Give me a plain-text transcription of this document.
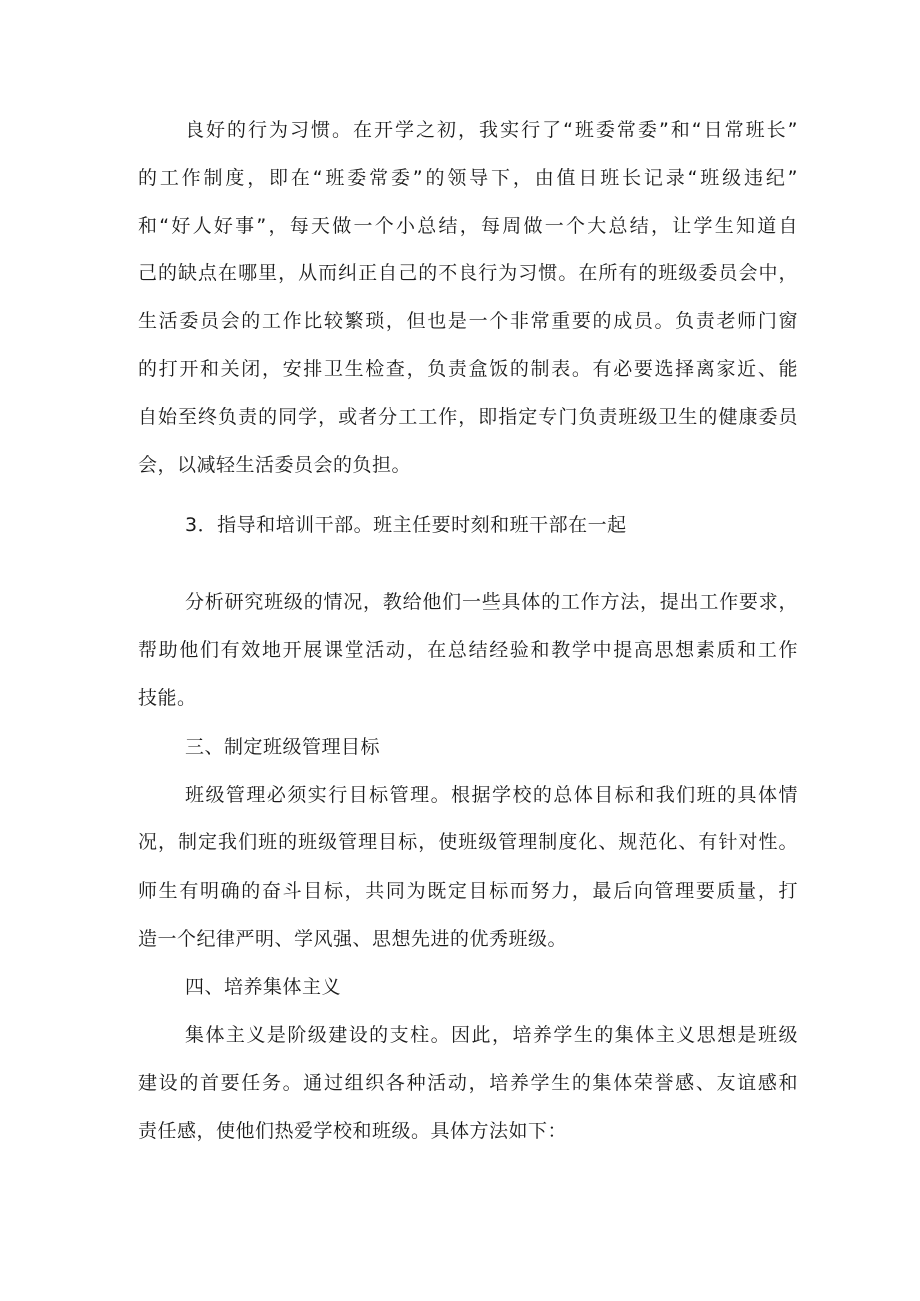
良好的行为习惯。在开学之初，我实行了“班委常委”和“日常班长”
的工作制度，即在“班委常委”的领导下，由值日班长记录“班级违纪”
和“好人好事”，每天做一个小总结，每周做一个大总结，让学生知道自
己的缺点在哪里，从而纠正自己的不良行为习惯。在所有的班级委员会中，
生活委员会的工作比较繁琐，但也是一个非常重要的成员。负责老师门窗
的打开和关闭，安排卫生检查，负责盒饭的制表。有必要选择离家近、能
自始至终负责的同学，或者分工工作，即指定专门负责班级卫生的健康委员
会，以减轻生活委员会的负担。
3．指导和培训干部。班主任要时刻和班干部在一起
分析研究班级的情况，教给他们一些具体的工作方法，提出工作要求，
帮助他们有效地开展课堂活动，在总结经验和教学中提高思想素质和工作
技能。
三、制定班级管理目标
班级管理必须实行目标管理。根据学校的总体目标和我们班的具体情
况，制定我们班的班级管理目标，使班级管理制度化、规范化、有针对性。
师生有明确的奋斗目标，共同为既定目标而努力，最后向管理要质量，打
造一个纪律严明、学风强、思想先进的优秀班级。
四、培养集体主义
集体主义是阶级建设的支柱。因此，培养学生的集体主义思想是班级
建设的首要任务。通过组织各种活动，培养学生的集体荣誉感、友谊感和
责任感，使他们热爱学校和班级。具体方法如下：
